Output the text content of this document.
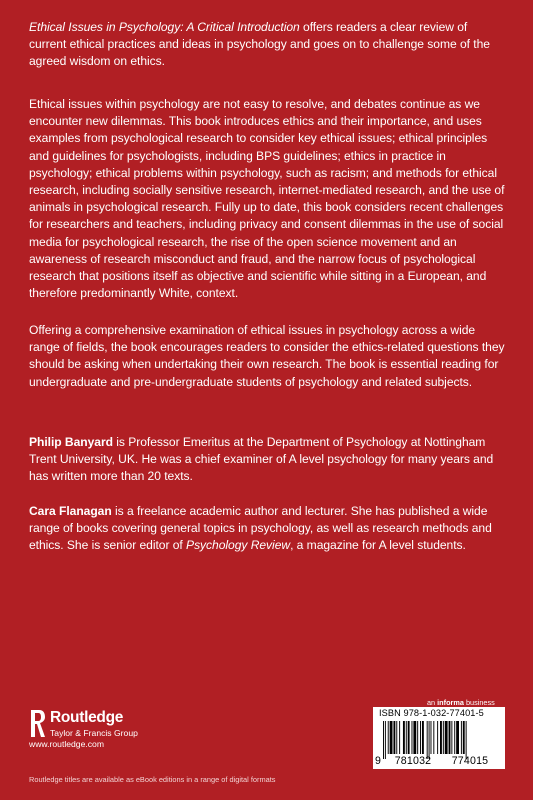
Ethical Issues in Psychology: A Critical Introduction offers readers a clear review of current ethical practices and ideas in psychology and goes on to challenge some of the agreed wisdom on ethics.

Ethical issues within psychology are not easy to resolve, and debates continue as we encounter new dilemmas. This book introduces ethics and their importance, and uses examples from psychological research to consider key ethical issues; ethical principles and guidelines for psychologists, including BPS guidelines; ethics in practice in psychology; ethical problems within psychology, such as racism; and methods for ethical research, including socially sensitive research, internet-mediated research, and the use of animals in psychological research. Fully up to date, this book considers recent challenges for researchers and teachers, including privacy and consent dilemmas in the use of social media for psychological research, the rise of the open science movement and an awareness of research misconduct and fraud, and the narrow focus of psychological research that positions itself as objective and scientific while sitting in a European, and therefore predominantly White, context.

Offering a comprehensive examination of ethical issues in psychology across a wide range of fields, the book encourages readers to consider the ethics-related questions they should be asking when undertaking their own research. The book is essential reading for undergraduate and pre-undergraduate students of psychology and related subjects.

Philip Banyard is Professor Emeritus at the Department of Psychology at Nottingham Trent University, UK. He was a chief examiner of A level psychology for many years and has written more than 20 texts.

Cara Flanagan is a freelance academic author and lecturer. She has published a wide range of books covering general topics in psychology, as well as research methods and ethics. She is senior editor of Psychology Review, a magazine for A level students.

Routledge
Taylor & Francis Group
www.routledge.com
Routledge titles are available as eBook editions in a range of digital formats
an informa business
ISBN 978-1-032-77401-5
9 781032 774015
